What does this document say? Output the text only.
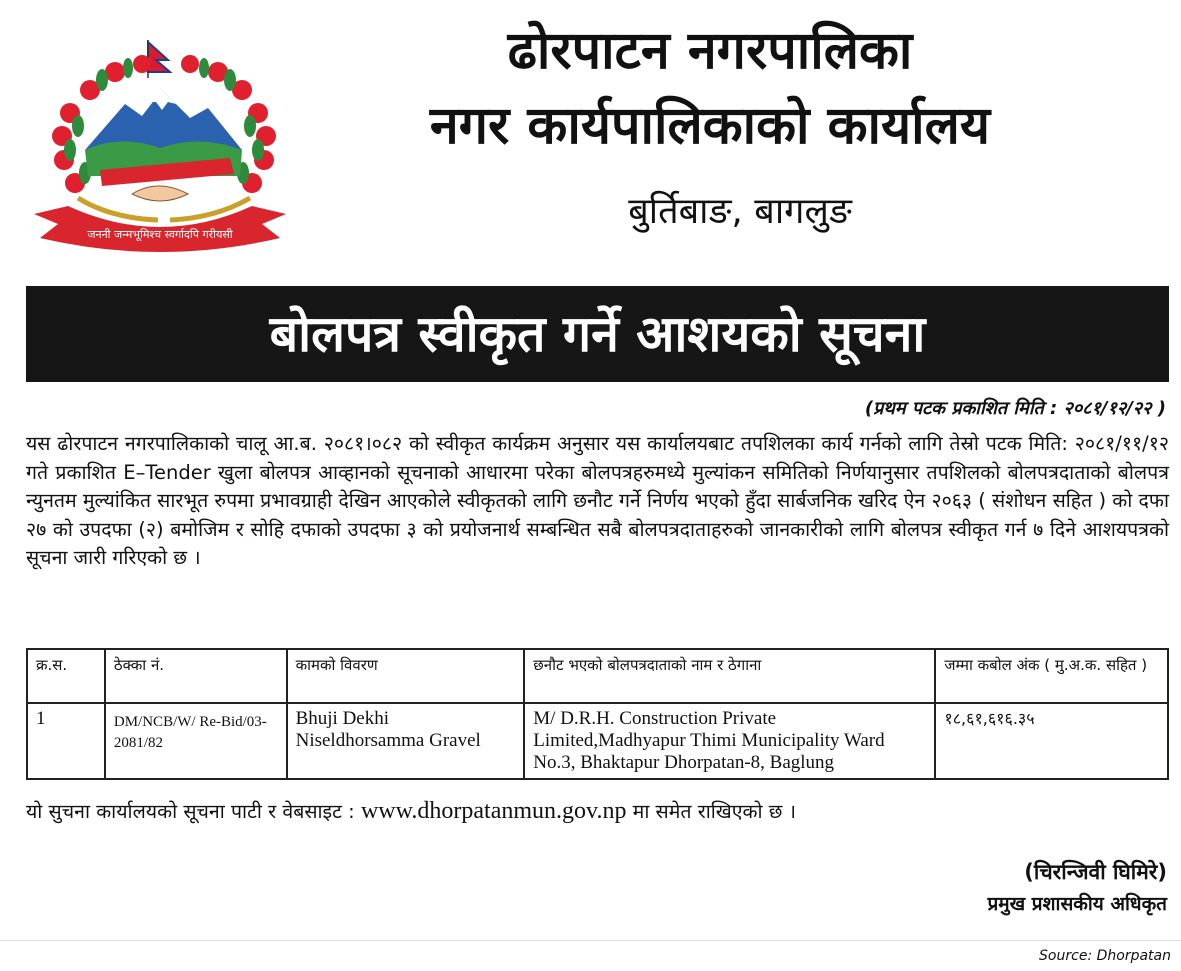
जननी जन्मभूमिश्च स्वर्गादपि गरीयसी
ढोरपाटन नगरपालिका
नगर कार्यपालिकाको कार्यालय
बुर्तिबाङ, बागलुङ
बोलपत्र स्वीकृत गर्ने आशयको सूचना
(प्रथम पटक प्रकाशित मिति : २०८१/१२/२२ )
यस ढोरपाटन नगरपालिकाको चालू आ.ब. २०८१।०८२ को स्वीकृत कार्यक्रम अनुसार यस कार्यालयबाट तपशिलका कार्य गर्नको लागि तेस्रो पटक मिति: २०८१/११/१२ गते प्रकाशित E–Tender खुला बोलपत्र आव्हानको सूचनाको आधारमा परेका बोलपत्रहरुमध्ये मुल्यांकन समितिको निर्णयानुसार तपशिलको बोलपत्रदाताको बोलपत्र न्युनतम मुल्यांकित सारभूत रुपमा प्रभावग्राही देखिन आएकोले स्वीकृतको लागि छनौट गर्ने निर्णय भएको हुँदा सार्बजनिक खरिद ऐन २०६३ ( संशोधन सहित ) को दफा २७ को उपदफा (२) बमोजिम र सोहि दफाको उपदफा ३ को प्रयोजनार्थ सम्बन्धित सबै बोलपत्रदाताहरुको जानकारीको लागि बोलपत्र स्वीकृत गर्न ७ दिने आशयपत्रको सूचना जारी गरिएको छ ।
क्र.स.	ठेक्का नं.	कामको विवरण	छनौट भएको बोलपत्रदाताको नाम र ठेगाना	जम्मा कबोल अंक ( मु.अ.क. सहित )
1	DM/NCB/W/ Re-Bid/03-2081/82	Bhuji Dekhi Niseldhorsamma Gravel	M/ D.R.H. Construction Private Limited,Madhyapur Thimi Municipality Ward No.3, Bhaktapur Dhorpatan-8, Baglung	१८,६१,६१६.३५
यो सुचना कार्यालयको सूचना पाटी र वेबसाइट : www.dhorpatanmun.gov.np मा समेत राखिएको छ ।
(चिरन्जिवी घिमिरे)
प्रमुख प्रशासकीय अधिकृत
Source: Dhorpatan
